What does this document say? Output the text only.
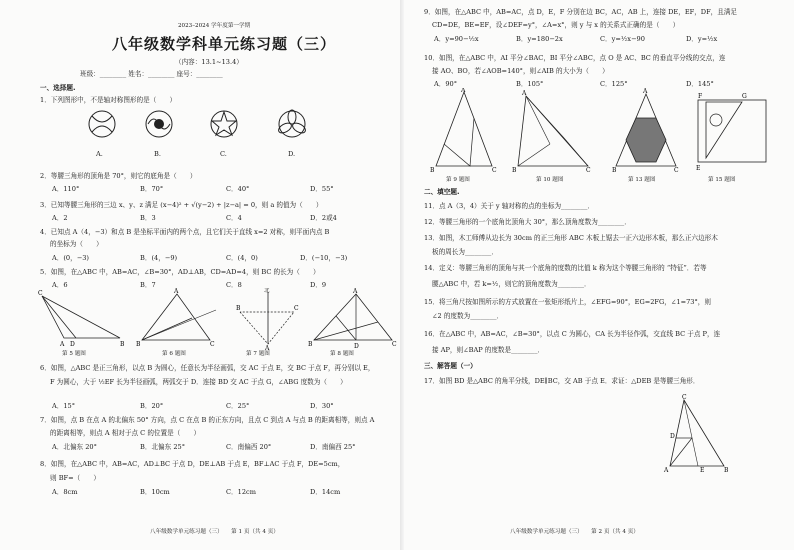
2023–2024 学年度第一学期
八年级数学科单元练习题（三）
（内容：13.1~13.4）
班级：________ 姓名：________ 座号：________
一、选择题.
1．下列图形中，不是轴对称图形的是（　　）
A.	B.	C.	D.
2．等腰三角形的顶角是 70°，则它的底角是（　　）
A．110°	B．70°	C．40°	D．55°
3．已知等腰三角形的三边 x、y、z 满足 (x−4)² + √(y−2) + |z−a| = 0，则 a 的值为（　　）
A．2	B．3	C．4	D．2或4
4．已知点 A（4，−3）和点 B 是坐标平面内的两个点，且它们关于直线 x=2 对称，则平面内点 B
的坐标为（　　）
A．(0，−3)	B．(4，−9)	C．(4，0)	D．(−10，−3)
5．如图，在△ABC 中，AB=AC，∠B=30°，AD⊥AB，CD=AD=4，则 BC 的长为（　　）
A．6	B．7	C．8	D．9
C
D	B
A
A
B	C
北
B	C
A
A
B	C
D
第 5 题图	第 6 题图	第 7 题图	第 8 题图
6．如图，△ABC 是正三角形，以点 B 为圆心，任意长为半径画弧，交 AC 于点 E，交 BC 于点 F，再分别以 E，
F 为圆心，大于 ½EF 长为半径画弧，两弧交于 D．连接 BD 交 AC 于点 G，∠ABG 度数为（　　）
A．15°	B．20°	C．25°	D．30°
7．如图，点 B 在点 A 的北偏东 50° 方向，点 C 在点 B 的正东方向，且点 C 到点 A 与点 B 的距离相等，则点 A
的距离相等，则点 A 相对于点 C 的位置是（　　）
A．北偏东 20°	B．北偏东 25°	C．南偏西 20°	D．南偏西 25°
8．如图，在△ABC 中，AB=AC，AD⊥BC 于点 D，DE⊥AB 于点 E，BF⊥AC 于点 F，DE=5cm，
则 BF=（　　）
A．8cm	B．10cm	C．12cm	D．14cm
八年级数学单元练习题（三）　　第 1 页（共 4 页）
9．如图，在△ABC 中，AB=AC，点 D，E，F 分别在边 BC，AC，AB 上，连接 DE，EF，DF，且满足
CD=DE，BE=EF，设∠DEF=y°，∠A=x°，则 y 与 x 的关系式正确的是（　　）
A．y=90−½x	B．y=180−2x	C．y=½x−90	D．y=½x
10．如图，在△ABC 中，AI 平分∠BAC，BI 平分∠ABC，点 O 是 AC、BC 的垂直平分线的交点，连
接 AO、BO，若∠AOB=140°，则∠AIB 的大小为（　　）
A．90°	B．105°	C．125°	D．145°
A
B	C
A
B	C
A
B	C
F	G
E
第 9 题图	第 10 题图	第 13 题图	第 15 题图
二、填空题.
11．点 A（3，4）关于 y 轴对称的点的坐标为________．
12．等腰三角形的一个底角比顶角大 30°，那么顶角度数为________．
13．如图，木工师傅从边长为 30cm 的正三角形 ABC 木板上锯去一正六边形木板，那么正六边形木
板的周长为________．
14．定义：等腰三角形的顶角与其一个底角的度数的比值 k 称为这个等腰三角形的 “特征”．若等
腰△ABC 中，若 k=½，则它的顶角度数为________．
15．将三角尺按如图所示的方式放置在一张矩形纸片上，∠EFG=90°，EG=2FG，∠1=73°，则
∠2 的度数为________．
16．在△ABC 中，AB=AC，∠B=30°，以点 C 为圆心，CA 长为半径作弧，交直线 BC 于点 P，连
接 AP，则∠BAP 的度数是________．
三、解答题（一）
17．如图 BD 是△ABC 的角平分线，DE∥BC，交 AB 于点 E．求证：△DEB 是等腰三角形．
C
D
A	E	B
八年级数学单元练习题（三）　　第 2 页（共 4 页）
